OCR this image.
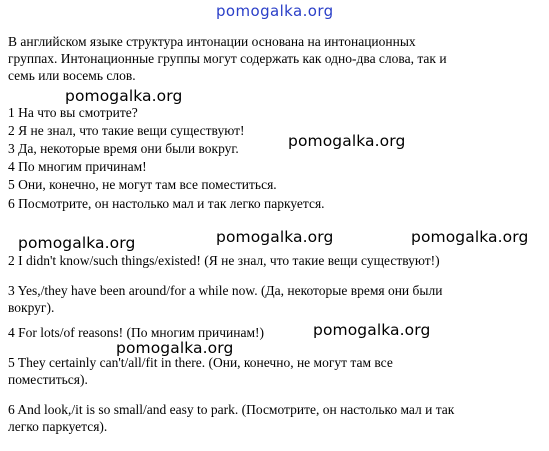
pomogalka.org
В английском языке структура интонации основана на интонационных
группах. Интонационные группы могут содержать как одно-два слова, так и
семь или восемь слов.
pomogalka.org
1 На что вы смотрите?
2 Я не знал, что такие вещи существуют!
3 Да, некоторые время они были вокруг.
4 По многим причинам!
5 Они, конечно, не могут там все поместиться.
6 Посмотрите, он настолько мал и так легко паркуется.
pomogalka.org
pomogalka.org	pomogalka.org	pomogalka.org
2 I didn't know/such things/existed! (Я не знал, что такие вещи существуют!)
3 Yes,/they have been around/for a while now. (Да, некоторые время они были
вокруг).
4 For lots/of reasons! (По многим причинам!)
5 They certainly can't/all/fit in there. (Они, конечно, не могут там все
поместиться).
6 And look,/it is so small/and easy to park. (Посмотрите, он настолько мал и так
легко паркуется).
pomogalka.org
pomogalka.org
